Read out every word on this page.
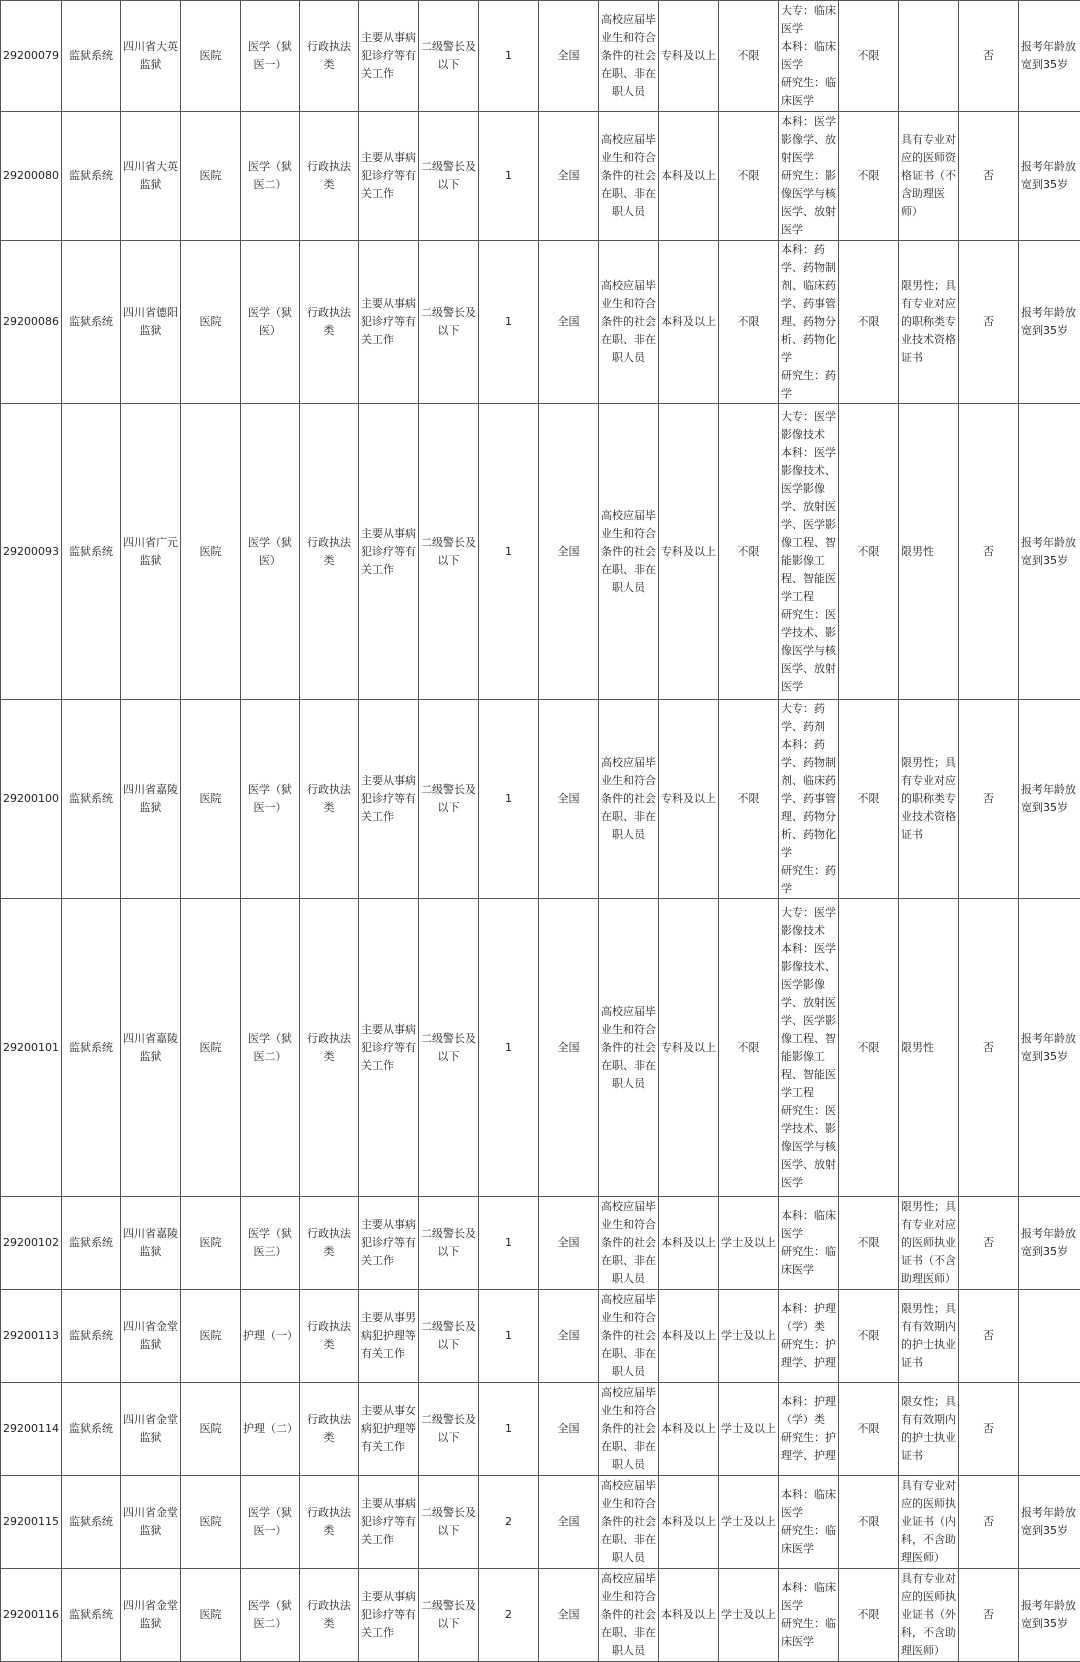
29200079	监狱系统	四川省大英监狱	医院	医学（狱医一）	行政执法类	主要从事病犯诊疗等有关工作	二级警长及以下	1	全国	高校应届毕业生和符合条件的社会在职、非在职人员	专科及以上	不限	大专：临床医学
本科：临床医学
研究生：临床医学	不限		否	报考年龄放宽到35岁
29200080	监狱系统	四川省大英监狱	医院	医学（狱医二）	行政执法类	主要从事病犯诊疗等有关工作	二级警长及以下	1	全国	高校应届毕业生和符合条件的社会在职、非在职人员	本科及以上	不限	本科：医学影像学、放射医学
研究生：影像医学与核医学、放射医学	不限	具有专业对应的医师资格证书（不含助理医师）	否	报考年龄放宽到35岁
29200086	监狱系统	四川省德阳监狱	医院	医学（狱医）	行政执法类	主要从事病犯诊疗等有关工作	二级警长及以下	1	全国	高校应届毕业生和符合条件的社会在职、非在职人员	本科及以上	不限	本科：药学、药物制剂、临床药学、药事管理、药物分析、药物化学
研究生：药学	不限	限男性；具有专业对应的职称类专业技术资格证书	否	报考年龄放宽到35岁
29200093	监狱系统	四川省广元监狱	医院	医学（狱医）	行政执法类	主要从事病犯诊疗等有关工作	二级警长及以下	1	全国	高校应届毕业生和符合条件的社会在职、非在职人员	专科及以上	不限	大专：医学影像技术
本科：医学影像技术、医学影像学、放射医学、医学影像工程、智能影像工程、智能医学工程
研究生：医学技术、影像医学与核医学、放射医学	不限	限男性	否	报考年龄放宽到35岁
29200100	监狱系统	四川省嘉陵监狱	医院	医学（狱医一）	行政执法类	主要从事病犯诊疗等有关工作	二级警长及以下	1	全国	高校应届毕业生和符合条件的社会在职、非在职人员	专科及以上	不限	大专：药学、药剂
本科：药学、药物制剂、临床药学、药事管理、药物分析、药物化学
研究生：药学	不限	限男性；具有专业对应的职称类专业技术资格证书	否	报考年龄放宽到35岁
29200101	监狱系统	四川省嘉陵监狱	医院	医学（狱医二）	行政执法类	主要从事病犯诊疗等有关工作	二级警长及以下	1	全国	高校应届毕业生和符合条件的社会在职、非在职人员	专科及以上	不限	大专：医学影像技术
本科：医学影像技术、医学影像学、放射医学、医学影像工程、智能影像工程、智能医学工程
研究生：医学技术、影像医学与核医学、放射医学	不限	限男性	否	报考年龄放宽到35岁
29200102	监狱系统	四川省嘉陵监狱	医院	医学（狱医三）	行政执法类	主要从事病犯诊疗等有关工作	二级警长及以下	1	全国	高校应届毕业生和符合条件的社会在职、非在职人员	本科及以上	学士及以上	本科：临床医学
研究生：临床医学	不限	限男性；具有专业对应的医师执业证书（不含助理医师）	否	报考年龄放宽到35岁
29200113	监狱系统	四川省金堂监狱	医院	护理（一）	行政执法类	主要从事男病犯护理等有关工作	二级警长及以下	1	全国	高校应届毕业生和符合条件的社会在职、非在职人员	本科及以上	学士及以上	本科：护理（学）类
研究生：护理学、护理	不限	限男性；具有有效期内的护士执业证书	否	
29200114	监狱系统	四川省金堂监狱	医院	护理（二）	行政执法类	主要从事女病犯护理等有关工作	二级警长及以下	1	全国	高校应届毕业生和符合条件的社会在职、非在职人员	本科及以上	学士及以上	本科：护理（学）类
研究生：护理学、护理	不限	限女性；具有有效期内的护士执业证书	否	
29200115	监狱系统	四川省金堂监狱	医院	医学（狱医一）	行政执法类	主要从事病犯诊疗等有关工作	二级警长及以下	2	全国	高校应届毕业生和符合条件的社会在职、非在职人员	本科及以上	学士及以上	本科：临床医学
研究生：临床医学	不限	具有专业对应的医师执业证书（内科，不含助理医师）	否	报考年龄放宽到35岁
29200116	监狱系统	四川省金堂监狱	医院	医学（狱医二）	行政执法类	主要从事病犯诊疗等有关工作	二级警长及以下	2	全国	高校应届毕业生和符合条件的社会在职、非在职人员	本科及以上	学士及以上	本科：临床医学
研究生：临床医学	不限	具有专业对应的医师执业证书（外科，不含助理医师）	否	报考年龄放宽到35岁
